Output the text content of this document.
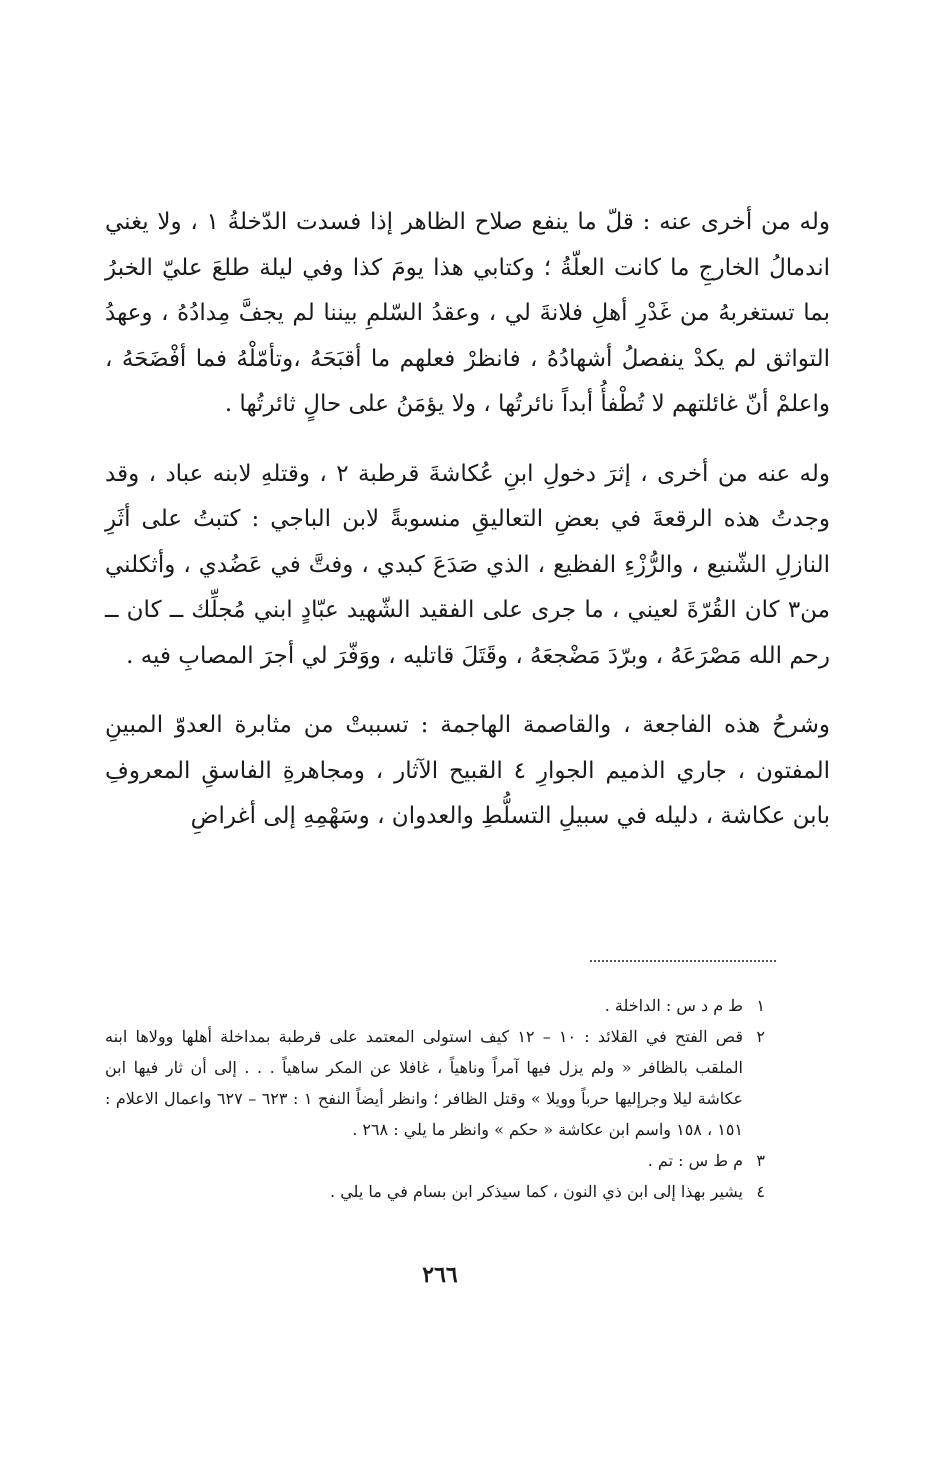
وله من أخرى عنه : قلّ ما ينفع صلاح الظاهر إذا فسدت الدّخلةُ ١ ، ولا يغني اندمالُ الخارجِ ما كانت العلّةُ ؛ وكتابي هذا يومَ كذا وفي ليلة طلعَ عليّ الخبرُ بما تستغربهُ من غَدْرِ أهلِ فلانةَ لي ، وعقدُ السّلمِ بيننا لم يجفَّ مِدادُهُ ، وعهدُ التواثق لم يكدْ ينفصلُ أشهادُهُ ، فانظرْ فعلهم ما أقبَحَهُ ،وتأمّلْهُ فما أفْضَحَهُ ، واعلمْ أنّ غائلتهم لا تُطْفأُ أبداً نائرتُها ، ولا يؤمَنُ على حالٍ ثائرتُها .

وله عنه من أخرى ، إثرَ دخولِ ابنِ عُكاشةَ قرطبة ٢ ، وقتلهِ لابنه عباد ، وقد وجدتُ هذه الرقعةَ في بعضِ التعاليقِ منسوبةً لابن الباجي : كتبتُ على أثَرِ النازلِ الشّنيع ، والرُّزْءِ الفظيع ، الذي صَدَعَ كبدي ، وفتَّ في عَضُدي ، وأثكلني من٣ كان القُرّةَ لعيني ، ما جرى على الفقيد الشّهيد عبّادٍ ابني مُجلِّك ــ كان ــ رحم الله مَصْرَعَهُ ، وبرّدَ مَضْجعَهُ ، وقَتَلَ قاتليه ، ووَفّرَ لي أجرَ المصابِ فيه .

وشرحُ هذه الفاجعة ، والقاصمة الهاجمة : تسببتْ من مثابرة العدوّ المبينِ المفتون ، جاري الذميم الجوارِ ٤ القبيح الآثار ، ومجاهرةِ الفاسقِ المعروفِ بابن عكاشة ، دليله في سبيلِ التسلُّطِ والعدوان ، وسَهْمِهِ إلى أغراضِ

١
ط م د س : الداخلة .
٢
قص الفتح في القلائد : ١٠ – ١٢ كيف استولى المعتمد على قرطبة بمداخلة أهلها وولاها ابنه الملقب بالظافر « ولم يزل فيها آمراً وناهياً ، غافلا عن المكر ساهياً . . . إلى أن ثار فيها ابن عكاشة ليلا وجرإليها حرباً وويلا » وقتل الظافر ؛ وانظر أيضاً النفح ١ : ٦٢٣ – ٦٢٧ واعمال الاعلام : ١٥١ ، ١٥٨ واسم ابن عكاشة « حكم » وانظر ما يلي : ٢٦٨ .
٣
م ط س : تم .
٤
يشير بهذا إلى ابن ذي النون ، كما سيذكر ابن بسام في ما يلي .
٢٦٦
